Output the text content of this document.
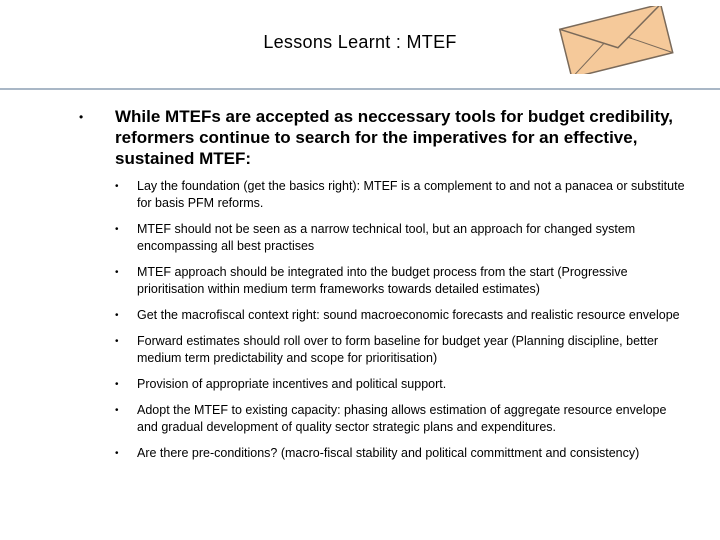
Lessons Learnt : MTEF
• While MTEFs are accepted as neccessary tools for budget credibility, reformers continue to search for the imperatives for an effective, sustained MTEF:
• Lay the foundation (get the basics right): MTEF is a complement to and not a panacea or substitute for basis PFM reforms.
• MTEF should not be seen as a narrow technical tool, but an approach for changed system encompassing all best practises
• MTEF approach should be integrated into the budget process from the start (Progressive prioritisation within medium term frameworks towards detailed estimates)
• Get the macrofiscal context right: sound macroeconomic forecasts and realistic resource envelope
• Forward estimates should roll over to form baseline for budget year (Planning discipline, better medium term predictability and scope for prioritisation)
• Provision of appropriate incentives and political support.
• Adopt the MTEF to existing capacity: phasing allows estimation of aggregate resource envelope and gradual development of quality sector strategic plans and expenditures.
• Are there pre-conditions? (macro-fiscal stability and political committment and consistency)
